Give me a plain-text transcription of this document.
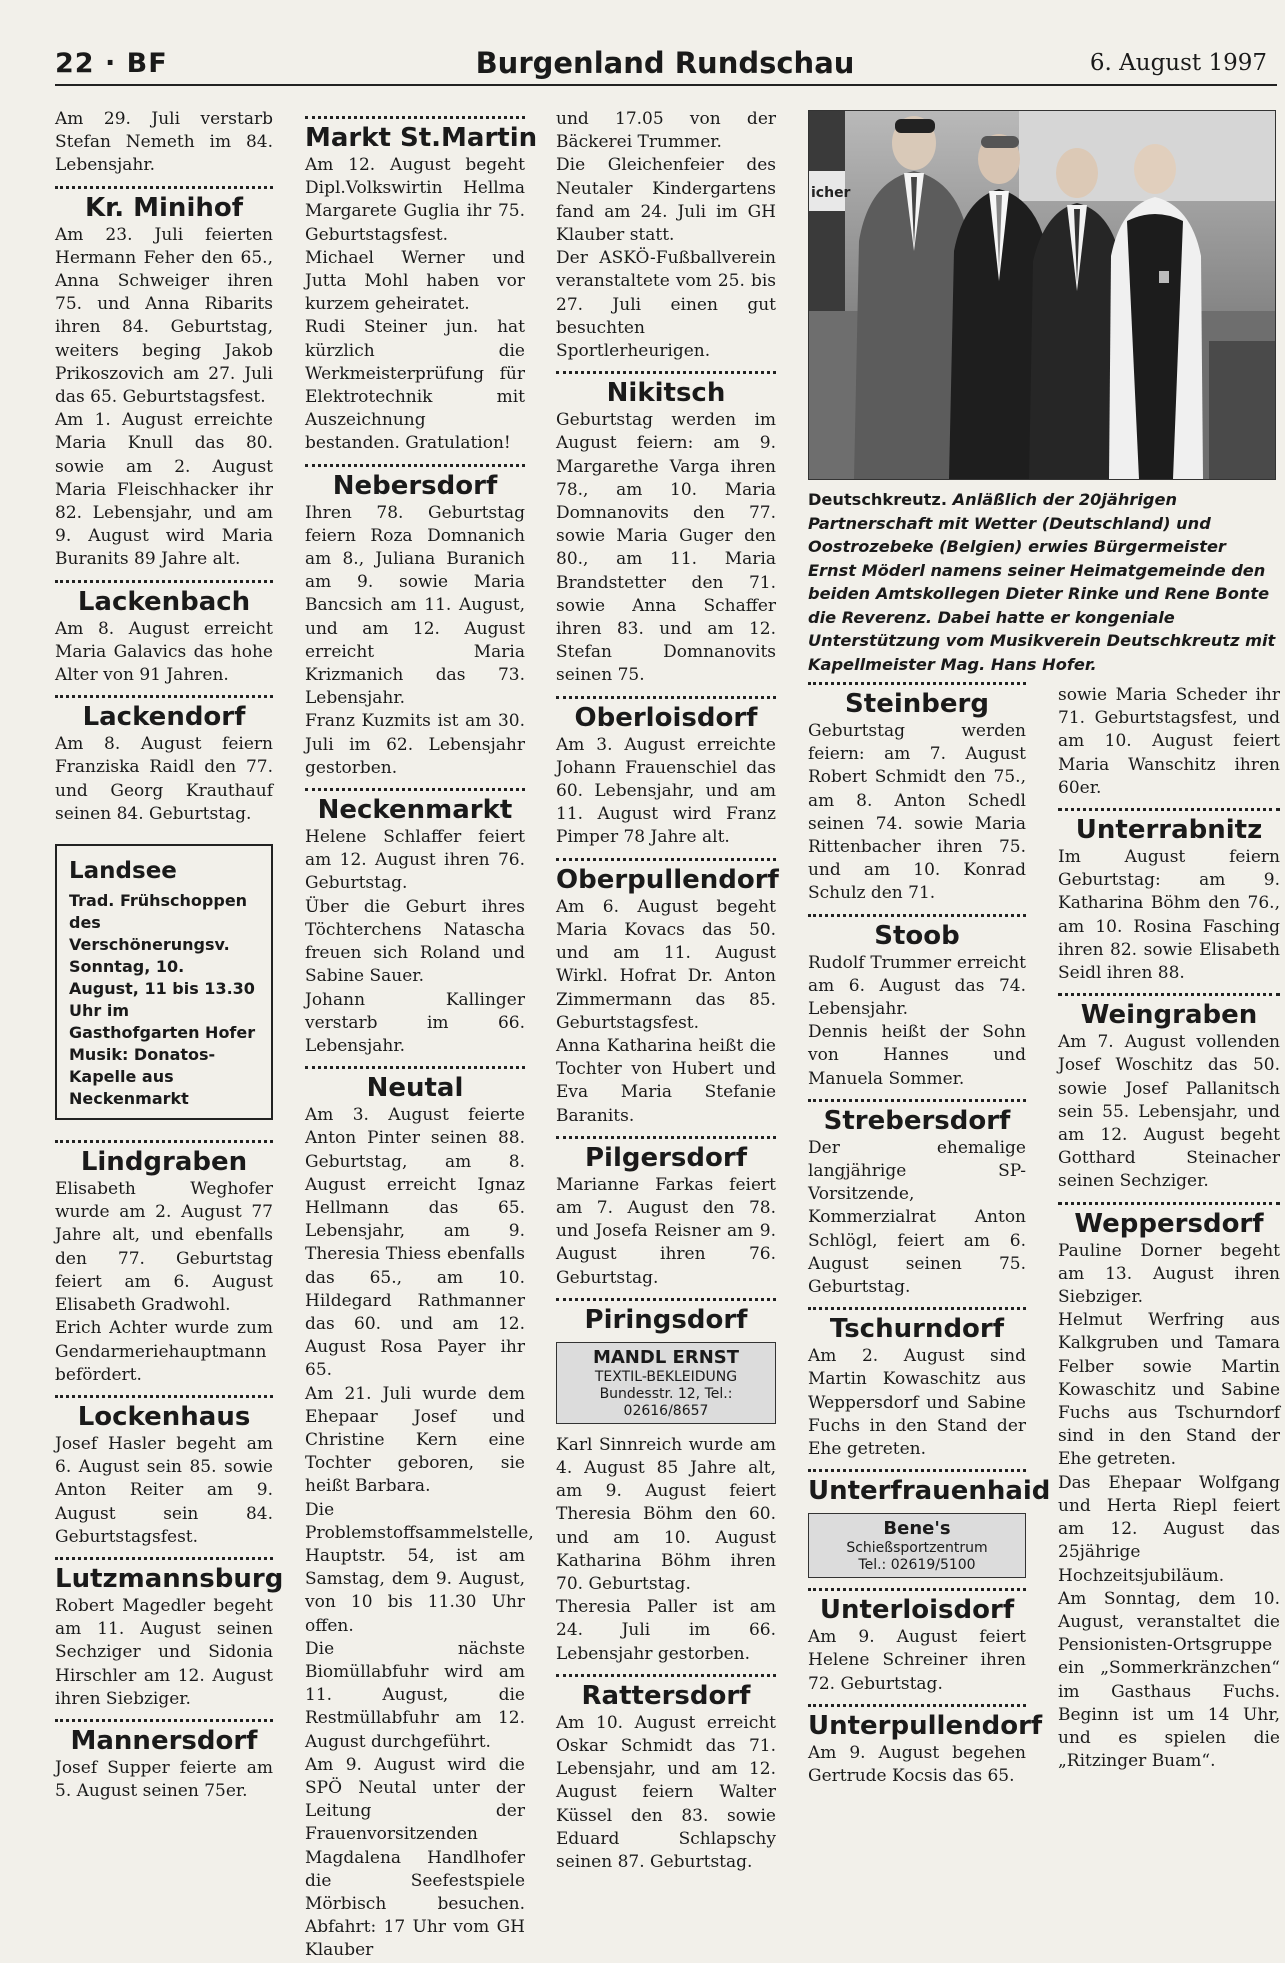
22 · BF	Burgenland Rundschau	6. August 1997

Am 29. Juli verstarb Stefan Nemeth im 84. Lebensjahr.

Kr. Minihof

Am 23. Juli feierten Hermann Feher den 65., Anna Schweiger ihren 75. und Anna Ribarits ihren 84. Geburtstag, weiters beging Jakob Prikoszovich am 27. Juli das 65. Geburtstagsfest.

Am 1. August erreichte Maria Knull das 80. sowie am 2. August Maria Fleischhacker ihr 82. Lebensjahr, und am 9. August wird Maria Buranits 89 Jahre alt.

Lackenbach

Am 8. August erreicht Maria Galavics das hohe Alter von 91 Jahren.

Lackendorf

Am 8. August feiern Franziska Raidl den 77. und Georg Krauthauf seinen 84. Geburtstag.

Landsee
Trad. Frühschoppen des Verschönerungsv.
Sonntag, 10. August, 11 bis 13.30 Uhr im Gasthofgarten Hofer
Musik: Donatos-Kapelle aus Neckenmarkt
Lindgraben

Elisabeth Weghofer wurde am 2. August 77 Jahre alt, und ebenfalls den 77. Geburtstag feiert am 6. August Elisabeth Gradwohl.

Erich Achter wurde zum Gendarmeriehauptmann befördert.

Lockenhaus

Josef Hasler begeht am 6. August sein 85. sowie Anton Reiter am 9. August sein 84. Geburtstagsfest.

Lutzmannsburg

Robert Magedler begeht am 11. August seinen Sechziger und Sidonia Hirschler am 12. August ihren Siebziger.

Mannersdorf

Josef Supper feierte am 5. August seinen 75er.

Markt St.Martin

Am 12. August begeht Dipl.Volkswirtin Hellma Margarete Guglia ihr 75. Geburtstagsfest.

Michael Werner und Jutta Mohl haben vor kurzem geheiratet.

Rudi Steiner jun. hat kürzlich die Werkmeisterprüfung für Elektrotechnik mit Auszeichnung bestanden. Gratulation!

Nebersdorf

Ihren 78. Geburtstag feiern Roza Domnanich am 8., Juliana Buranich am 9. sowie Maria Bancsich am 11. August, und am 12. August erreicht Maria Krizmanich das 73. Lebensjahr.

Franz Kuzmits ist am 30. Juli im 62. Lebensjahr gestorben.

Neckenmarkt

Helene Schlaffer feiert am 12. August ihren 76. Geburtstag.

Über die Geburt ihres Töchterchens Natascha freuen sich Roland und Sabine Sauer.

Johann Kallinger verstarb im 66. Lebensjahr.

Neutal

Am 3. August feierte Anton Pinter seinen 88. Geburtstag, am 8. August erreicht Ignaz Hellmann das 65. Lebensjahr, am 9. Theresia Thiess ebenfalls das 65., am 10. Hildegard Rathmanner das 60. und am 12. August Rosa Payer ihr 65.

Am 21. Juli wurde dem Ehepaar Josef und Christine Kern eine Tochter geboren, sie heißt Barbara.

Die Problemstoffsammelstelle, Hauptstr. 54, ist am Samstag, dem 9. August, von 10 bis 11.30 Uhr offen.

Die nächste Biomüllabfuhr wird am 11. August, die Restmüllabfuhr am 12. August durchgeführt.

Am 9. August wird die SPÖ Neutal unter der Leitung der Frauenvorsitzenden Magdalena Handlhofer die Seefestspiele Mörbisch besuchen. Abfahrt: 17 Uhr vom GH Klauber

und 17.05 von der Bäckerei Trummer.

Die Gleichenfeier des Neutaler Kindergartens fand am 24. Juli im GH Klauber statt.

Der ASKÖ-Fußballverein veranstaltete vom 25. bis 27. Juli einen gut besuchten Sportlerheurigen.

Nikitsch

Geburtstag werden im August feiern: am 9. Margarethe Varga ihren 78., am 10. Maria Domnanovits den 77. sowie Maria Guger den 80., am 11. Maria Brandstetter den 71. sowie Anna Schaffer ihren 83. und am 12. Stefan Domnanovits seinen 75.

Oberloisdorf

Am 3. August erreichte Johann Frauenschiel das 60. Lebensjahr, und am 11. August wird Franz Pimper 78 Jahre alt.

Oberpullendorf

Am 6. August begeht Maria Kovacs das 50. und am 11. August Wirkl. Hofrat Dr. Anton Zimmermann das 85. Geburtstagsfest.

Anna Katharina heißt die Tochter von Hubert und Eva Maria Stefanie Baranits.

Pilgersdorf

Marianne Farkas feiert am 7. August den 78. und Josefa Reisner am 9. August ihren 76. Geburtstag.

Piringsdorf
MANDL ERNST
TEXTIL-BEKLEIDUNG
Bundesstr. 12, Tel.: 02616/8657

Karl Sinnreich wurde am 4. August 85 Jahre alt, am 9. August feiert Theresia Böhm den 60. und am 10. August Katharina Böhm ihren 70. Geburtstag.

Theresia Paller ist am 24. Juli im 66. Lebensjahr gestorben.

Rattersdorf

Am 10. August erreicht Oskar Schmidt das 71. Lebensjahr, und am 12. August feiern Walter Küssel den 83. sowie Eduard Schlapschy seinen 87. Geburtstag.

Steinberg

Geburtstag werden feiern: am 7. August Robert Schmidt den 75., am 8. Anton Schedl seinen 74. sowie Maria Rittenbacher ihren 75. und am 10. Konrad Schulz den 71.

Stoob

Rudolf Trummer erreicht am 6. August das 74. Lebensjahr.

Dennis heißt der Sohn von Hannes und Manuela Sommer.

Strebersdorf

Der ehemalige langjährige SP-Vorsitzende, Kommerzialrat Anton Schlögl, feiert am 6. August seinen 75. Geburtstag.

Tschurndorf

Am 2. August sind Martin Kowaschitz aus Weppersdorf und Sabine Fuchs in den Stand der Ehe getreten.

Unterfrauenhaid
Bene's
Schießsportzentrum
Tel.: 02619/5100
Unterloisdorf

Am 9. August feiert Helene Schreiner ihren 72. Geburtstag.

Unterpullendorf

Am 9. August begehen Gertrude Kocsis das 65.

sowie Maria Scheder ihr 71. Geburtstagsfest, und am 10. August feiert Maria Wanschitz ihren 60er.

Unterrabnitz

Im August feiern Geburtstag: am 9. Katharina Böhm den 76., am 10. Rosina Fasching ihren 82. sowie Elisabeth Seidl ihren 88.

Weingraben

Am 7. August vollenden Josef Woschitz das 50. sowie Josef Pallanitsch sein 55. Lebensjahr, und am 12. August begeht Gotthard Steinacher seinen Sechziger.

Weppersdorf

Pauline Dorner begeht am 13. August ihren Siebziger.

Helmut Werfring aus Kalkgruben und Tamara Felber sowie Martin Kowaschitz und Sabine Fuchs aus Tschurndorf sind in den Stand der Ehe getreten.

Das Ehepaar Wolfgang und Herta Riepl feiert am 12. August das 25jährige Hochzeitsjubiläum.

Am Sonntag, dem 10. August, veranstaltet die Pensionisten-Ortsgruppe ein „Sommerkränzchen“ im Gasthaus Fuchs. Beginn ist um 14 Uhr, und es spielen die „Ritzinger Buam“.

icher
Deutschkreutz. Anläßlich der 20jährigen Partnerschaft mit Wetter (Deutschland) und Oostrozebeke (Belgien) erwies Bürgermeister Ernst Möderl namens seiner Heimatgemeinde den beiden Amtskollegen Dieter Rinke und Rene Bonte die Reverenz. Dabei hatte er kongeniale Unterstützung vom Musikverein Deutschkreutz mit Kapellmeister Mag. Hans Hofer.
